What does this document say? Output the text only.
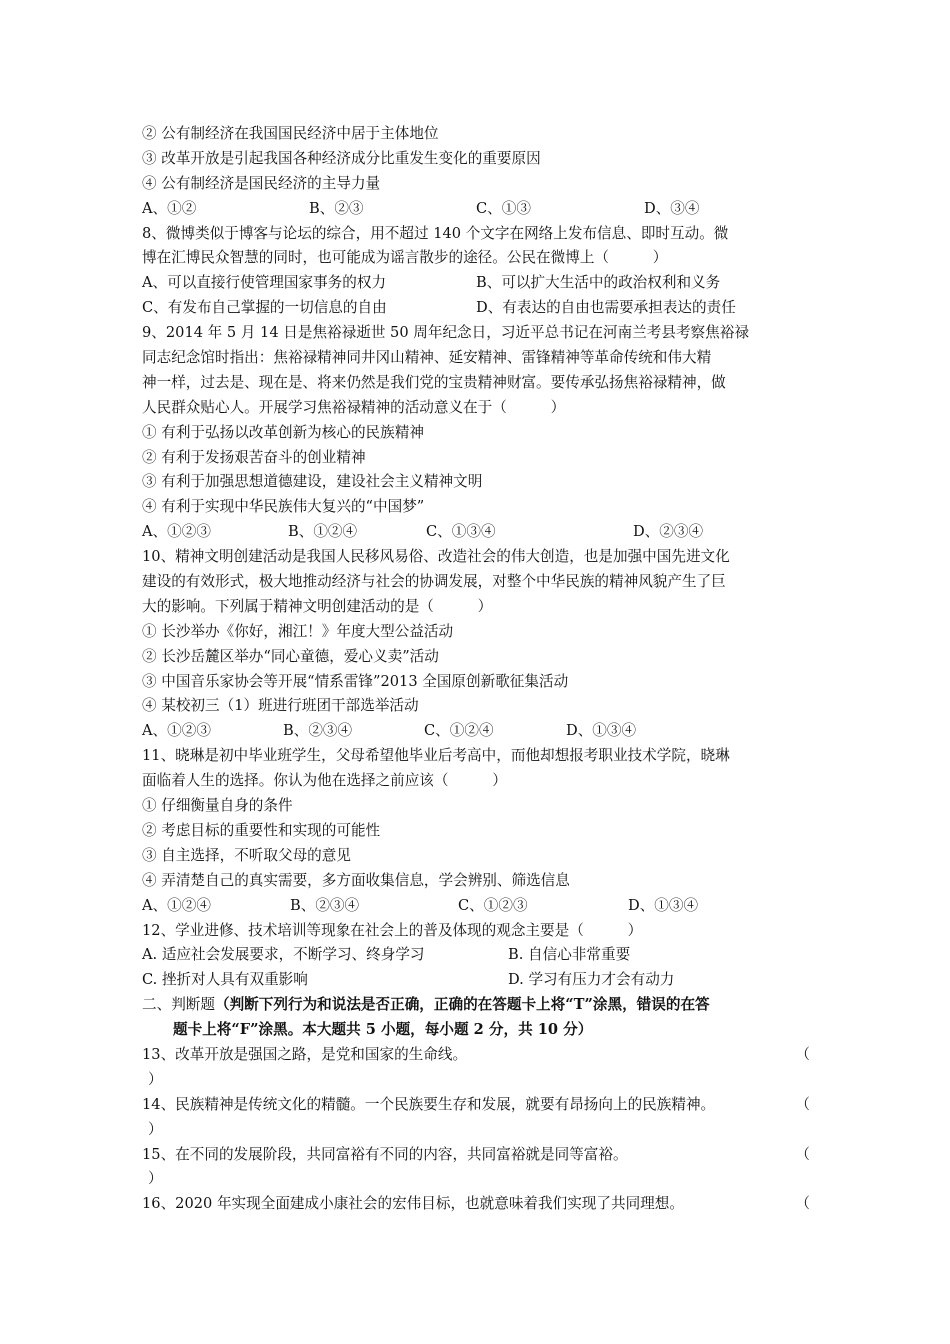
② 公有制经济在我国国民经济中居于主体地位
③ 改革开放是引起我国各种经济成分比重发生变化的重要原因
④ 公有制经济是国民经济的主导力量
A、①②	B、②③	C、①③	D、③④
8、微博类似于博客与论坛的综合，用不超过 140 个文字在网络上发布信息、即时互动。微
博在汇博民众智慧的同时，也可能成为谣言散步的途径。公民在微博上（　　　）
A、可以直接行使管理国家事务的权力	B、可以扩大生活中的政治权利和义务
C、有发布自己掌握的一切信息的自由	D、有表达的自由也需要承担表达的责任
9、2014 年 5 月 14 日是焦裕禄逝世 50 周年纪念日，习近平总书记在河南兰考县考察焦裕禄
同志纪念馆时指出：焦裕禄精神同井冈山精神、延安精神、雷锋精神等革命传统和伟大精
神一样，过去是、现在是、将来仍然是我们党的宝贵精神财富。要传承弘扬焦裕禄精神，做
人民群众贴心人。开展学习焦裕禄精神的活动意义在于（　　　）
① 有利于弘扬以改革创新为核心的民族精神
② 有利于发扬艰苦奋斗的创业精神
③ 有利于加强思想道德建设，建设社会主义精神文明
④ 有利于实现中华民族伟大复兴的“中国梦”
A、①②③	B、①②④	C、①③④	D、②③④
10、精神文明创建活动是我国人民移风易俗、改造社会的伟大创造，也是加强中国先进文化
建设的有效形式，极大地推动经济与社会的协调发展，对整个中华民族的精神风貌产生了巨
大的影响。下列属于精神文明创建活动的是（　　　）
① 长沙举办《你好，湘江！》年度大型公益活动
② 长沙岳麓区举办“同心童德，爱心义卖”活动
③ 中国音乐家协会等开展“情系雷锋”2013 全国原创新歌征集活动
④ 某校初三（1）班进行班团干部选举活动
A、①②③	B、②③④	C、①②④	D、①③④
11、晓琳是初中毕业班学生，父母希望他毕业后考高中，而他却想报考职业技术学院，晓琳
面临着人生的选择。你认为他在选择之前应该（　　　）
① 仔细衡量自身的条件
② 考虑目标的重要性和实现的可能性
③ 自主选择，不听取父母的意见
④ 弄清楚自己的真实需要，多方面收集信息，学会辨别、筛选信息
A、①②④	B、②③④	C、①②③	D、①③④
12、学业进修、技术培训等现象在社会上的普及体现的观念主要是（　　　）
A. 适应社会发展要求，不断学习、终身学习	B. 自信心非常重要
C. 挫折对人具有双重影响	D. 学习有压力才会有动力
二、判断题（判断下列行为和说法是否正确，正确的在答题卡上将“T”涂黑，错误的在答
题卡上将“F”涂黑。本大题共 5 小题，每小题 2 分，共 10 分）
13、改革开放是强国之路，是党和国家的生命线。	（
）
14、民族精神是传统文化的精髓。一个民族要生存和发展，就要有昂扬向上的民族精神。	（
）
15、在不同的发展阶段，共同富裕有不同的内容，共同富裕就是同等富裕。	（
）
16、2020 年实现全面建成小康社会的宏伟目标，也就意味着我们实现了共同理想。	（
